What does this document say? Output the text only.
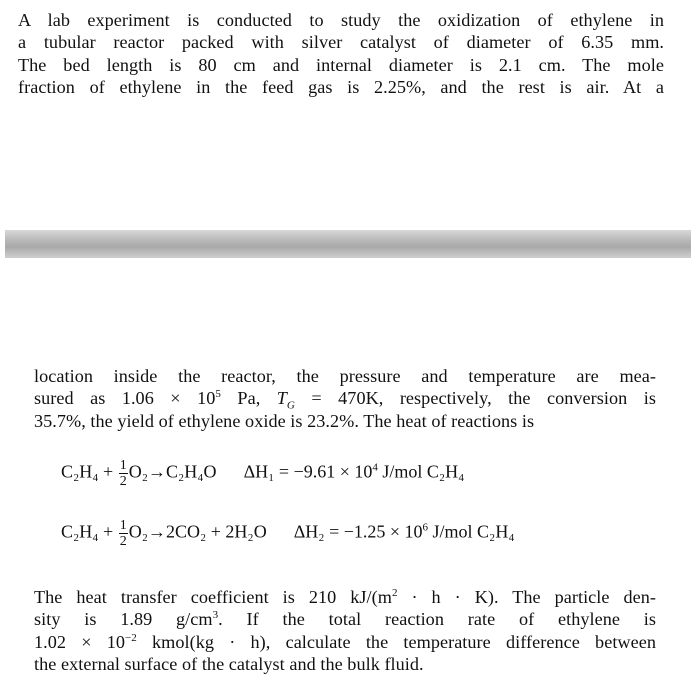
A lab experiment is conducted to study the oxidization of ethylene in
a tubular reactor packed with silver catalyst of diameter of 6.35 mm.
The bed length is 80 cm and internal diameter is 2.1 cm. The mole
fraction of ethylene in the feed gas is 2.25%, and the rest is air. At a
location inside the reactor, the pressure and temperature are mea-
sured as $1.06 \times 10^5$ Pa, $T_G = 470K$, respectively, the conversion is
35.7%, the yield of ethylene oxide is 23.2%. The heat of reactions is
$C_2H_4 + \frac{1}{2} O_2\to C_2H_4O$ $\Delta H_1 = -9.61 \times 10^4$ J/mol C₂H₄
$C_2H_4 + \frac{1}{2} O_2\to 2CO_2 + 2H_2O$ $\Delta H_2 = -1.25 \times 10^6$ J/mol C₂H₄
The heat transfer coefficient is 210 $kJ/(m^2 \cdot h \cdot K)$. The particle den-
sity is 1.89 $g/cm^3$. If the total reaction rate of ethylene is
$1.02 \times 10^{-2}$ kmol(kg · h), calculate the temperature difference between
the external surface of the catalyst and the bulk fluid.
